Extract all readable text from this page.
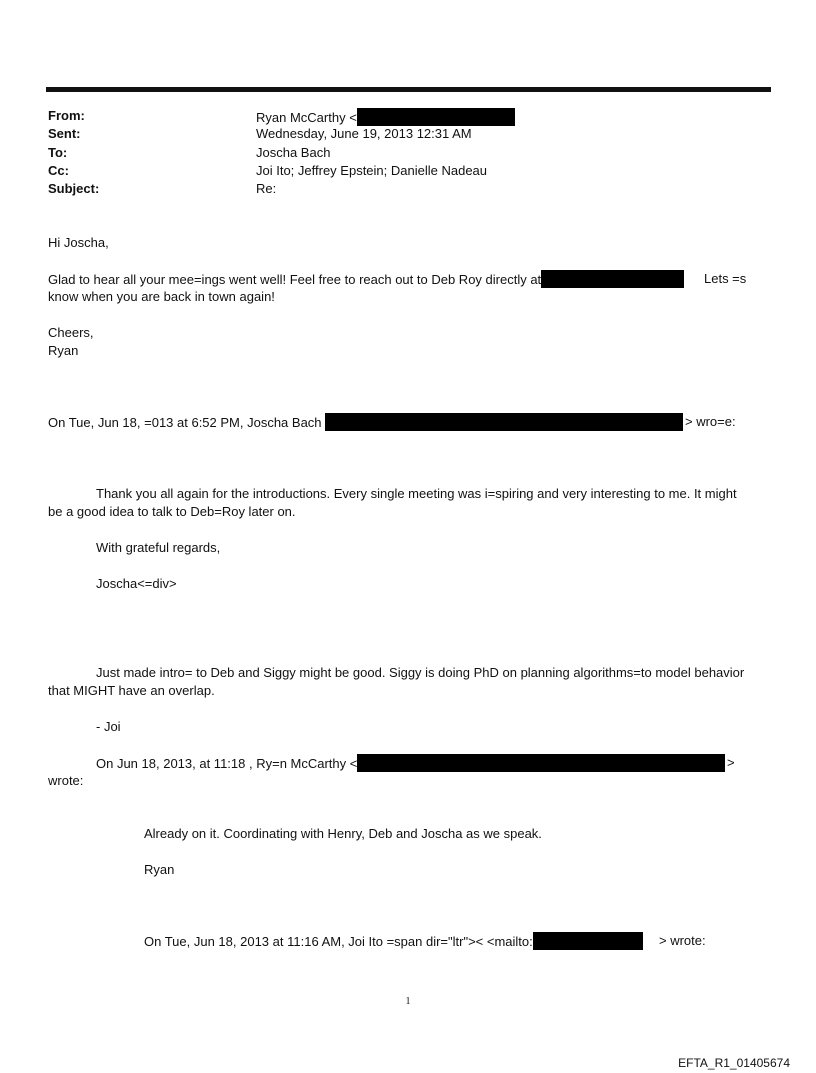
From:	Ryan McCarthy <
Sent:	Wednesday, June 19, 2013 12:31 AM
To:	Joscha Bach
Cc:	Joi Ito; Jeffrey Epstein; Danielle Nadeau
Subject:	Re:
Hi Joscha,
Glad to hear all your mee=ings went well! Feel free to reach out to Deb Roy directly at	Lets =s
know when you are back in town again!
Cheers,
Ryan
On Tue, Jun 18, =013 at 6:52 PM, Joscha Bach	> wro=e:
Thank you all again for the introductions. Every single meeting was i=spiring and very interesting to me. It might
be a good idea to talk to Deb=Roy later on.
With grateful regards,
Joscha<=div>
Just made intro= to Deb and Siggy might be good. Siggy is doing PhD on planning algorithms=to model behavior
that MIGHT have an overlap.
- Joi
On Jun 18, 2013, at 11:18 , Ry=n McCarthy <	>
wrote:
Already on it. Coordinating with Henry, Deb and Joscha as we speak.
Ryan
On Tue, Jun 18, 2013 at 11:16 AM, Joi Ito =span dir="ltr">< <mailto:	> wrote:
1
EFTA_R1_01405674
